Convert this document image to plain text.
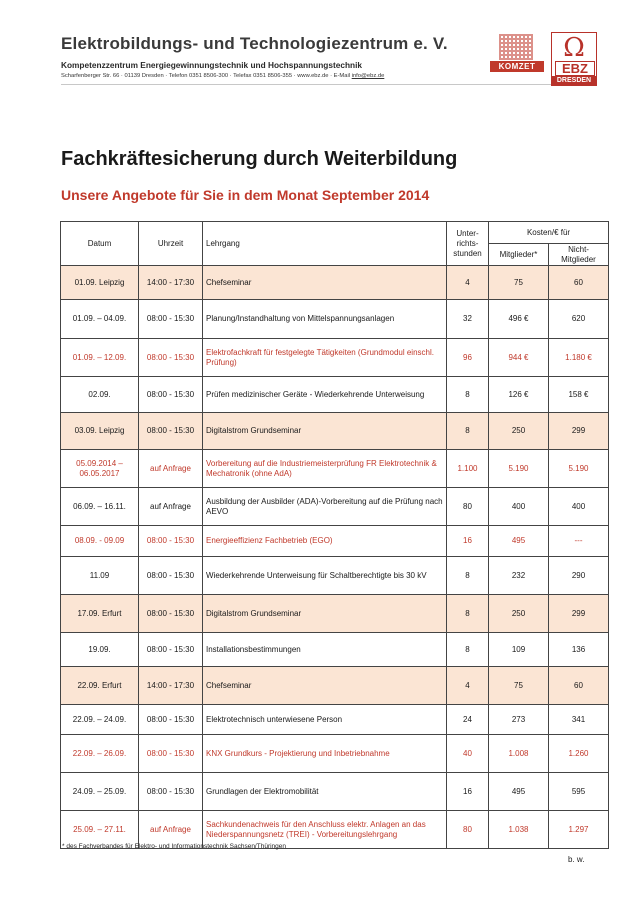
Elektrobildungs- und Technologiezentrum e. V.
Kompetenzzentrum Energiegewinnungstechnik und Hochspannungstechnik
Scharfenberger Str. 66 · 01139 Dresden · Telefon 0351 8506-300 · Telefax 0351 8506-355 · www.ebz.de · E-Mail info@ebz.de
KOMZET
Ω
EBZ
DRESDEN
Fachkräftesicherung durch Weiterbildung
Unsere Angebote für Sie in dem Monat September 2014
Datum	Uhrzeit	Lehrgang	Unter-richts-stunden	Kosten/€ für	
				Mitglieder*	Nicht-Mitglieder
01.09. Leipzig	14:00 - 17:30	Chefseminar	4	75	60
01.09. – 04.09.	08:00 - 15:30	Planung/Instandhaltung von Mittelspannungsanlagen	32	496 €	620
01.09. – 12.09.	08:00 - 15:30	Elektrofachkraft für festgelegte Tätigkeiten (Grundmodul einschl. Prüfung)	96	944 €	1.180 €
02.09.	08:00 - 15:30	Prüfen medizinischer Geräte - Wiederkehrende Unterweisung	8	126 €	158 €
03.09. Leipzig	08:00 - 15:30	Digitalstrom Grundseminar	8	250	299
05.09.2014 – 06.05.2017	auf Anfrage	Vorbereitung auf die Industriemeisterprüfung FR Elektrotechnik & Mechatronik (ohne AdA)	1.100	5.190	5.190
06.09. – 16.11.	auf Anfrage	Ausbildung der Ausbilder (ADA)-Vorbereitung auf die Prüfung nach AEVO	80	400	400
08.09. - 09.09	08:00 - 15:30	Energieeffizienz Fachbetrieb (EGO)	16	495	---
11.09	08:00 - 15:30	Wiederkehrende Unterweisung für Schaltberechtigte bis 30 kV	8	232	290
17.09. Erfurt	08:00 - 15:30	Digitalstrom Grundseminar	8	250	299
19.09.	08:00 - 15:30	Installationsbestimmungen	8	109	136
22.09. Erfurt	14:00 - 17:30	Chefseminar	4	75	60
22.09. – 24.09.	08:00 - 15:30	Elektrotechnisch unterwiesene Person	24	273	341
22.09. – 26.09.	08:00 - 15:30	KNX Grundkurs - Projektierung und Inbetriebnahme	40	1.008	1.260
24.09. – 25.09.	08:00 - 15:30	Grundlagen der Elektromobilität	16	495	595
25.09. – 27.11.	auf Anfrage	Sachkundenachweis für den Anschluss elektr. Anlagen an das Niederspannungsnetz (TREI) - Vorbereitungslehrgang	80	1.038	1.297
* des Fachverbandes für Elektro- und Informationstechnik Sachsen/Thüringen
b. w.
